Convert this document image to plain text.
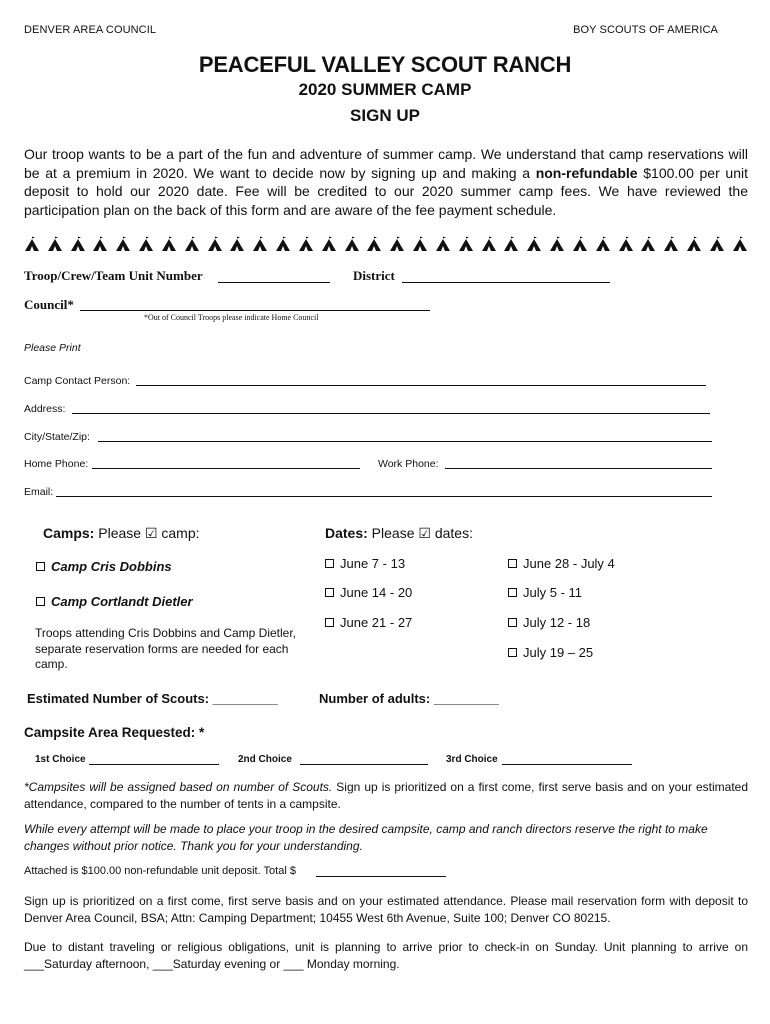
DENVER AREA COUNCIL	BOY SCOUTS OF AMERICA
PEACEFUL VALLEY SCOUT RANCH
2020 SUMMER CAMP
SIGN UP
Our troop wants to be a part of the fun and adventure of summer camp. We understand that camp reservations will be at a premium in 2020. We want to decide now by signing up and making a non-refundable $100.00 per unit deposit to hold our 2020 date. Fee will be credited to our 2020 summer camp fees. We have reviewed the participation plan on the back of this form and are aware of the fee payment schedule.
Troop/Crew/Team Unit Number	District
Council*
*Out of Council Troops please indicate Home Council
Please Print
Camp Contact Person:
Address:
City/State/Zip:
Home Phone:	Work Phone:
Email:
Camps: Please ☑ camp:
Camp Cris Dobbins
Camp Cortlandt Dietler
Troops attending Cris Dobbins and Camp Dietler, separate reservation forms are needed for each camp.
Dates: Please ☑ dates:
June 7 - 13
June 14 - 20
June 21 - 27
June 28 - July 4
July 5 - 11
July 12 - 18
July 19 – 25
Estimated Number of Scouts: _________	Number of adults: _________
Campsite Area Requested: *
1st Choice	2nd Choice	3rd Choice
*Campsites will be assigned based on number of Scouts. Sign up is prioritized on a first come, first serve basis and on your estimated attendance, compared to the number of tents in a campsite.
While every attempt will be made to place your troop in the desired campsite, camp and ranch directors reserve the right to make changes without prior notice. Thank you for your understanding.
Attached is $100.00 non-refundable unit deposit. Total $
Sign up is prioritized on a first come, first serve basis and on your estimated attendance. Please mail reservation form with deposit to Denver Area Council, BSA; Attn: Camping Department; 10455 West 6th Avenue, Suite 100; Denver CO 80215.
Due to distant traveling or religious obligations, unit is planning to arrive prior to check-in on Sunday. Unit planning to arrive on ___Saturday afternoon, ___Saturday evening or ___ Monday morning.
